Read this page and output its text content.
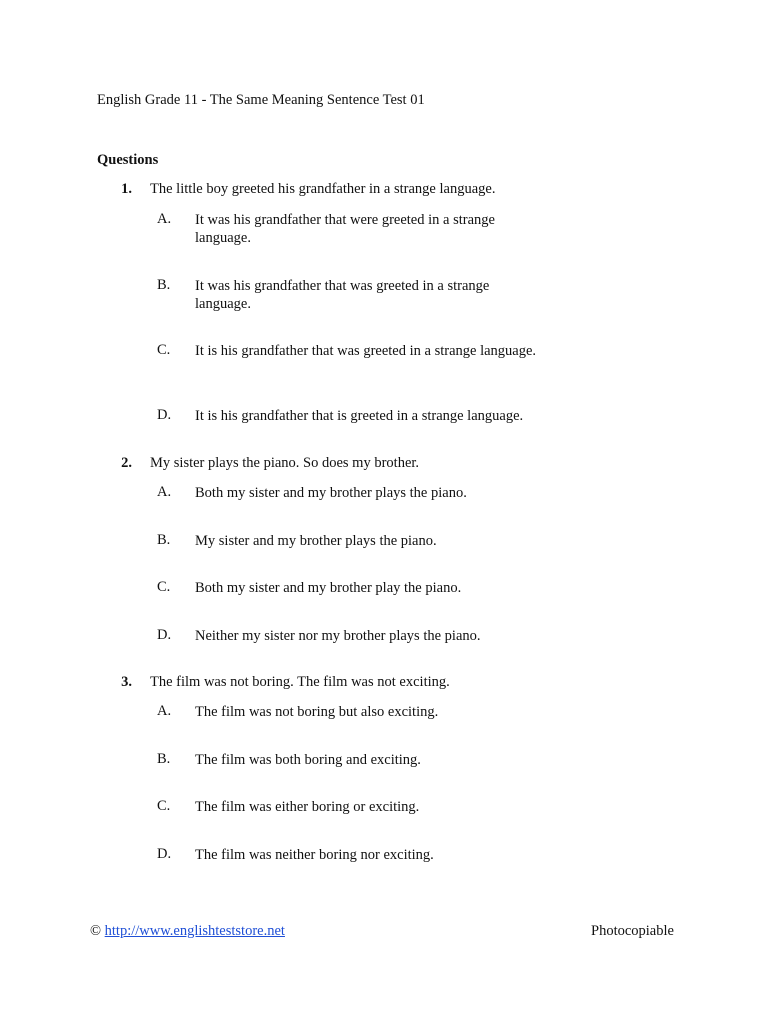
English Grade 11 - The Same Meaning Sentence Test 01
Questions
1. The little boy greeted his grandfather in a strange language.
A. It was his grandfather that were greeted in a strange language.
B. It was his grandfather that was greeted in a strange language.
C. It is his grandfather that was greeted in a strange language.
D. It is his grandfather that is greeted in a strange language.
2. My sister plays the piano. So does my brother.
A. Both my sister and my brother plays the piano.
B. My sister and my brother plays the piano.
C. Both my sister and my brother play the piano.
D. Neither my sister nor my brother plays the piano.
3. The film was not boring. The film was not exciting.
A. The film was not boring but also exciting.
B. The film was both boring and exciting.
C. The film was either boring or exciting.
D. The film was neither boring nor exciting.
© http://www.englishteststore.net	Photocopiable
